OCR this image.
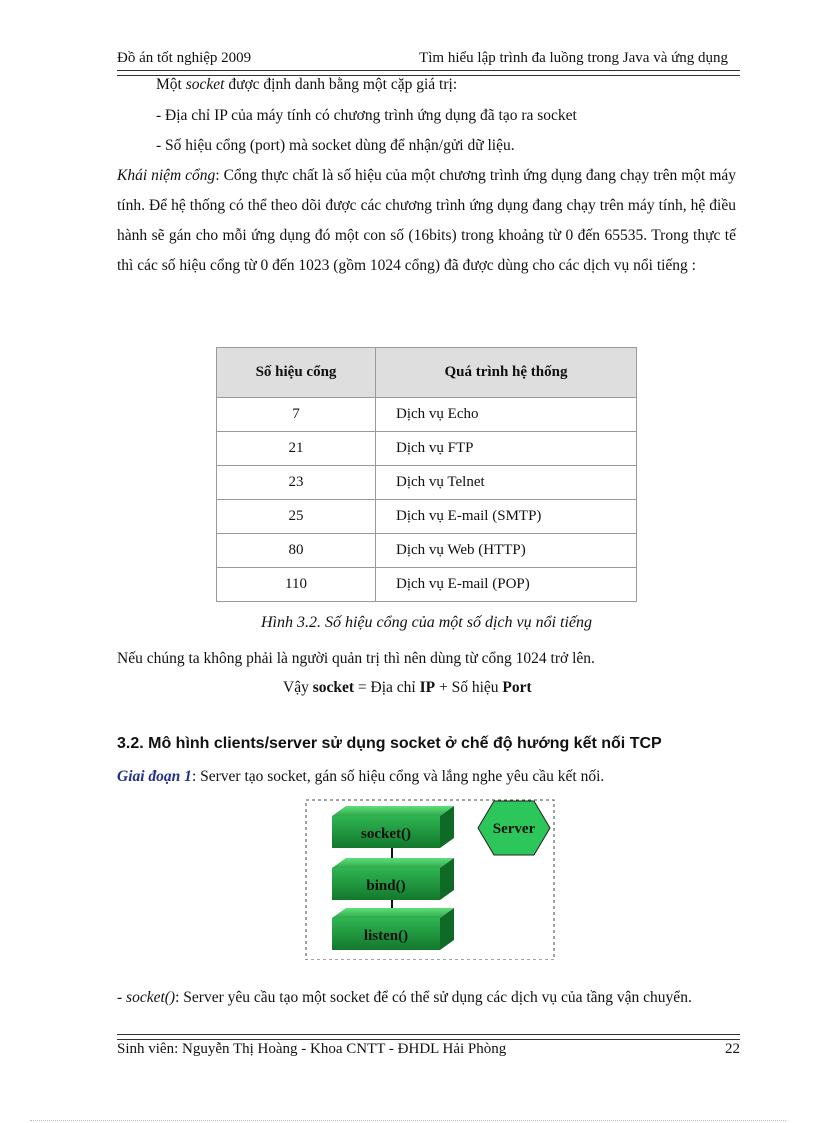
Đồ án tốt nghiệp 2009	Tìm hiểu lập trình đa luồng trong Java và ứng dụng
Một socket được định danh bằng một cặp giá trị:
- Địa chỉ IP của máy tính có chương trình ứng dụng đã tạo ra socket
- Số hiệu cổng (port) mà socket dùng để nhận/gửi dữ liệu.
Khái niệm cổng: Cổng thực chất là số hiệu của một chương trình ứng dụng đang chạy trên một máy tính. Để hệ thống có thể theo dõi được các chương trình ứng dụng đang chạy trên máy tính, hệ điều hành sẽ gán cho mỗi ứng dụng đó một con số (16bits) trong khoảng từ 0 đến 65535. Trong thực tế thì các số hiệu cổng từ 0 đến 1023 (gồm 1024 cổng) đã được dùng cho các dịch vụ nổi tiếng :
Số hiệu cổng	Quá trình hệ thống
7	Dịch vụ Echo
21	Dịch vụ FTP
23	Dịch vụ Telnet
25	Dịch vụ E-mail (SMTP)
80	Dịch vụ Web (HTTP)
110	Dịch vụ E-mail (POP)
Hình 3.2. Số hiệu cổng của một số dịch vụ nổi tiếng
Nếu chúng ta không phải là người quản trị thì nên dùng từ cổng 1024 trở lên.
Vậy socket = Địa chỉ IP + Số hiệu Port
3.2. Mô hình clients/server sử dụng socket ở chế độ hướng kết nối TCP
Giai đoạn 1: Server tạo socket, gán số hiệu cổng và lắng nghe yêu cầu kết nối.
socket()
bind()
listen()
Server
- socket(): Server yêu cầu tạo một socket để có thể sử dụng các dịch vụ của tầng vận chuyển.
Sinh viên: Nguyễn Thị Hoàng - Khoa CNTT - ĐHDL Hải Phòng	22
